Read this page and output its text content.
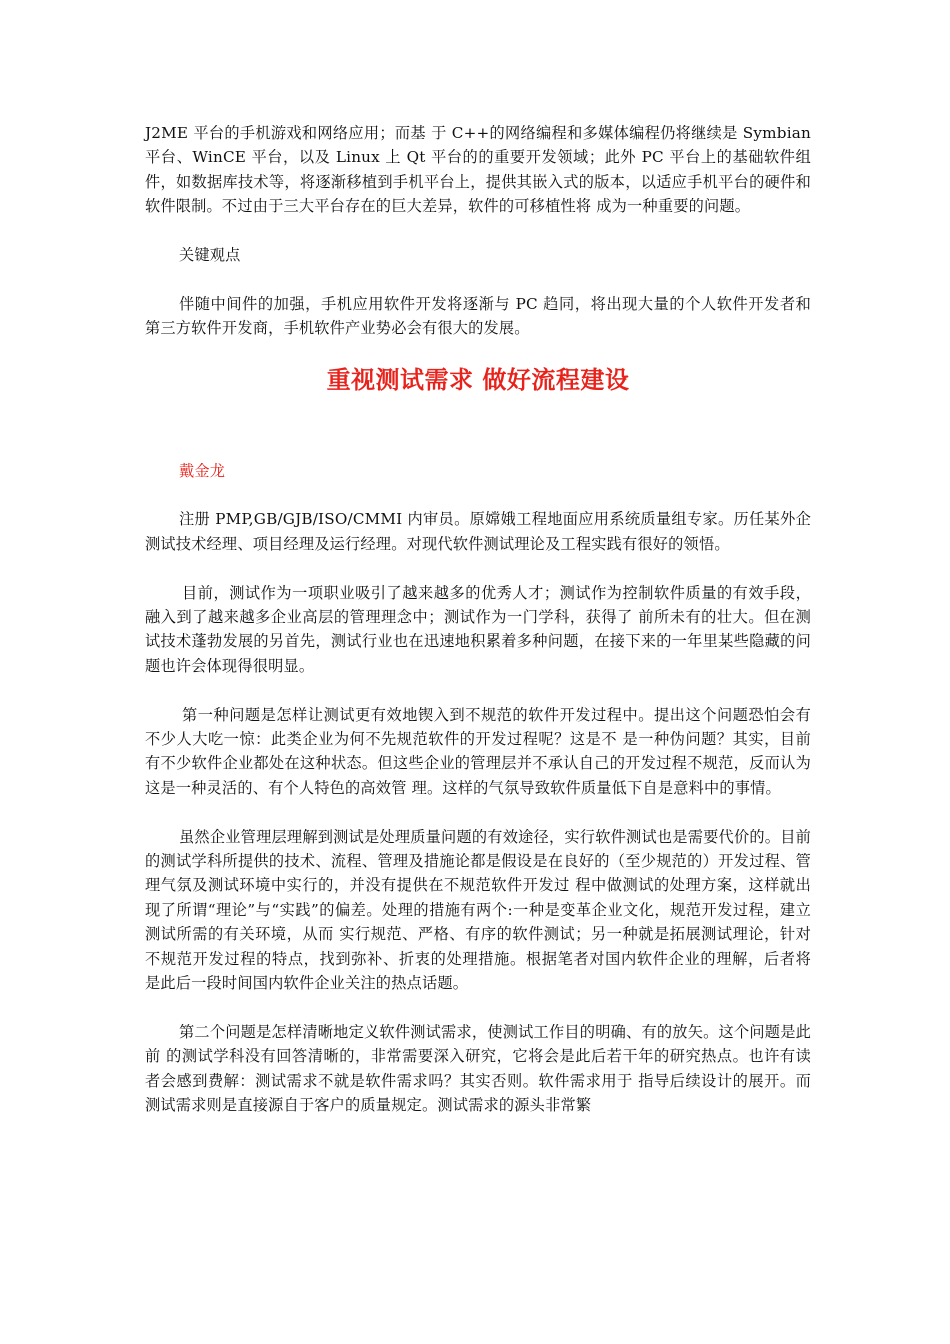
J2ME 平台的手机游戏和网络应用；而基 于 C++的网络编程和多媒体编程仍将继续是 Symbian 平台、WinCE 平台，以及 Linux 上 Qt 平台的的重要开发领域；此外 PC 平台上的基础软件组 件，如数据库技术等，将逐渐移植到手机平台上，提供其嵌入式的版本，以适应手机平台的硬件和软件限制。不过由于三大平台存在的巨大差异，软件的可移植性将 成为一种重要的问题。

关键观点

伴随中间件的加强，手机应用软件开发将逐渐与 PC 趋同，将出现大量的个人软件开发者和第三方软件开发商，手机软件产业势必会有很大的发展。

重视测试需求 做好流程建设

戴金龙

注册 PMP,GB/GJB/ISO/CMMI 内审员。原嫦娥工程地面应用系统质量组专家。历任某外企测试技术经理、项目经理及运行经理。对现代软件测试理论及工程实践有很好的领悟。

目前，测试作为一项职业吸引了越来越多的优秀人才；测试作为控制软件质量的有效手段，融入到了越来越多企业高层的管理理念中；测试作为一门学科，获得了 前所未有的壮大。但在测试技术蓬勃发展的另首先，测试行业也在迅速地积累着多种问题，在接下来的一年里某些隐藏的问题也许会体现得很明显。

第一种问题是怎样让测试更有效地锲入到不规范的软件开发过程中。提出这个问题恐怕会有不少人大吃一惊：此类企业为何不先规范软件的开发过程呢？这是不 是一种伪问题？其实，目前有不少软件企业都处在这种状态。但这些企业的管理层并不承认自己的开发过程不规范，反而认为这是一种灵活的、有个人特色的高效管 理。这样的气氛导致软件质量低下自是意料中的事情。

虽然企业管理层理解到测试是处理质量问题的有效途径，实行软件测试也是需要代价的。目前的测试学科所提供的技术、流程、管理及措施论都是假设是在良好的（至少规范的）开发过程、管理气氛及测试环境中实行的，并没有提供在不规范软件开发过 程中做测试的处理方案，这样就出现了所谓“理论”与“实践”的偏差。处理的措施有两个:一种是变革企业文化，规范开发过程，建立测试所需的有关环境，从而 实行规范、严格、有序的软件测试；另一种就是拓展测试理论，针对不规范开发过程的特点，找到弥补、折衷的处理措施。根据笔者对国内软件企业的理解，后者将 是此后一段时间国内软件企业关注的热点话题。

第二个问题是怎样清晰地定义软件测试需求，使测试工作目的明确、有的放矢。这个问题是此前 的测试学科没有回答清晰的，非常需要深入研究，它将会是此后若干年的研究热点。也许有读者会感到费解：测试需求不就是软件需求吗？其实否则。软件需求用于 指导后续设计的展开。而测试需求则是直接源自于客户的质量规定。测试需求的源头非常繁
